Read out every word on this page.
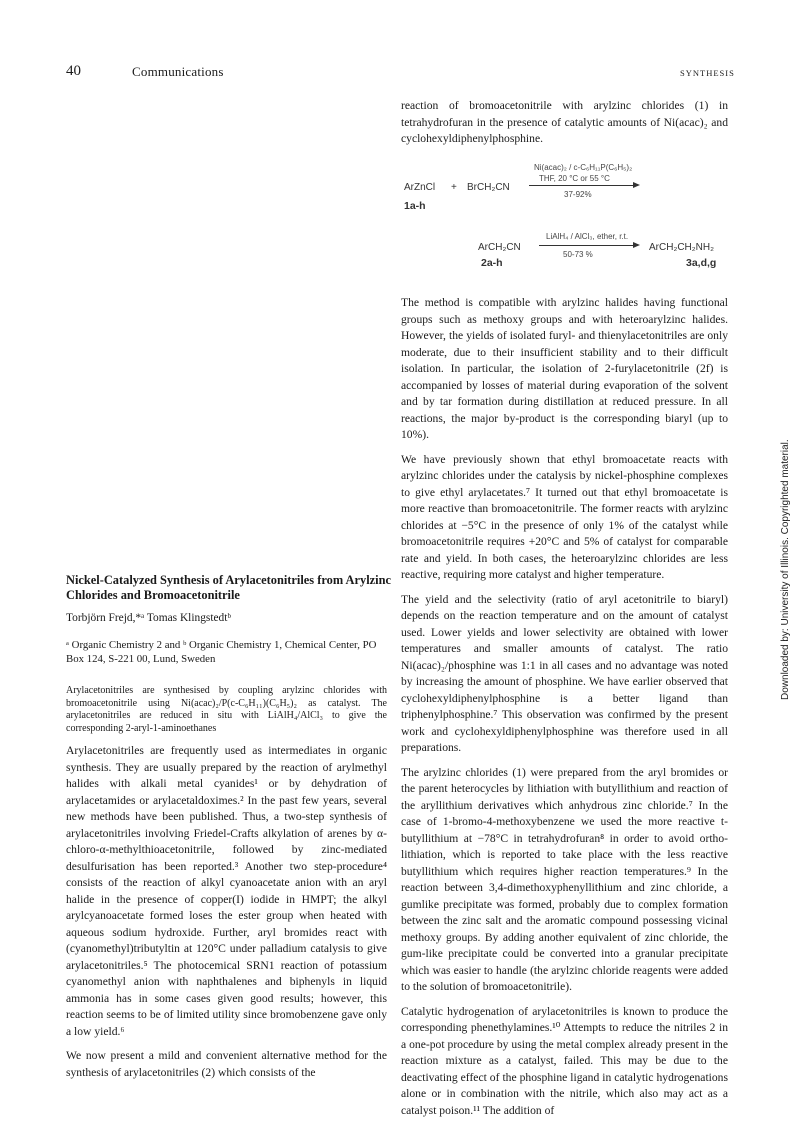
40	Communications	SYNTHESIS
reaction of bromoacetonitrile with arylzinc chlorides (1) in tetrahydrofuran in the presence of catalytic amounts of Ni(acac)₂ and cyclohexyldiphenylphosphine.
ArZnCl + BrCH₂CN
1a-h
Ni(acac)₂ / c-C₆H₁₁P(C₆H₅)₂
THF, 20 °C or 55 °C
37-92%
ArCH₂CN
2a-h
LiAlH₄ / AlCl₃, ether, r.t.
50-73 %
ArCH₂CH₂NH₂
3a,d,g

The method is compatible with arylzinc halides having functional groups such as methoxy groups and with heteroarylzinc halides. However, the yields of isolated furyl- and thienylacetonitriles are only moderate, due to their insufficient stability and to their difficult isolation. In particular, the isolation of 2-furylacetonitrile (2f) is accompanied by losses of material during evaporation of the solvent and by tar formation during distillation at reduced pressure. In all reactions, the major by-product is the corresponding biaryl (up to 10%).

We have previously shown that ethyl bromoacetate reacts with arylzinc chlorides under the catalysis by nickel-phosphine complexes to give ethyl arylacetates.⁷ It turned out that ethyl bromoacetate is more reactive than bromoacetonitrile. The former reacts with arylzinc chlorides at −5°C in the presence of only 1% of the catalyst while bromoacetonitrile requires +20°C and 5% of catalyst for comparable rate and yield. In both cases, the heteroarylzinc chlorides are less reactive, requiring more catalyst and higher temperature.

The yield and the selectivity (ratio of aryl acetonitrile to biaryl) depends on the reaction temperature and on the amount of catalyst used. Lower yields and lower selectivity are obtained with lower temperatures and smaller amounts of catalyst. The ratio Ni(acac)₂/phosphine was 1:1 in all cases and no advantage was noted by increasing the amount of phosphine. We have earlier observed that cyclohexyldiphenylphosphine is a better ligand than triphenylphosphine.⁷ This observation was confirmed by the present work and cyclohexyldiphenylphosphine was therefore used in all preparations.

The arylzinc chlorides (1) were prepared from the aryl bromides or the parent heterocycles by lithiation with butyllithium and reaction of the aryllithium derivatives which anhydrous zinc chloride.⁷ In the case of 1-bromo-4-methoxybenzene we used the more reactive t-butyllithium at −78°C in tetrahydrofuran⁸ in order to avoid ortho-lithiation, which is reported to take place with the less reactive butyllithium which requires higher reaction temperatures.⁹ In the reaction between 3,4-dimethoxyphenyllithium and zinc chloride, a gumlike precipitate was formed, probably due to complex formation between the zinc salt and the aromatic compound possessing vicinal methoxy groups. By adding another equivalent of zinc chloride, the gum-like precipitate could be converted into a granular precipitate which was easier to handle (the arylzinc chloride reagents were added to the solution of bromoacetonitrile).

Catalytic hydrogenation of arylacetonitriles is known to produce the corresponding phenethylamines.¹⁰ Attempts to reduce the nitriles 2 in a one-pot procedure by using the metal complex already present in the reaction mixture as a catalyst, failed. This may be due to the deactivating effect of the phosphine ligand in catalytic hydrogenations alone or in combination with the nitrile, which also may act as a catalyst poison.¹¹ The addition of

Nickel-Catalyzed Synthesis of Arylacetonitriles from Arylzinc Chlorides and Bromoacetonitrile
Torbjörn Frejd,*ᵃ Tomas Klingstedtᵇ
ᵃ Organic Chemistry 2 and ᵇ Organic Chemistry 1, Chemical Center, PO Box 124, S-221 00, Lund, Sweden
Arylacetonitriles are synthesised by coupling arylzinc chlorides with bromoacetonitrile using Ni(acac)₂/P(c-C₆H₁₁)(C₆H₅)₂ as catalyst. The arylacetonitriles are reduced in situ with LiAlH₄/AlCl₃ to give the corresponding 2-aryl-1-aminoethanes

Arylacetonitriles are frequently used as intermediates in organic synthesis. They are usually prepared by the reaction of arylmethyl halides with alkali metal cyanides¹ or by dehydration of arylacetamides or arylacetaldoximes.² In the past few years, several new methods have been published. Thus, a two-step synthesis of arylacetonitriles involving Friedel-Crafts alkylation of arenes by α-chloro-α-methylthioacetonitrile, followed by zinc-mediated desulfurisation has been reported.³ Another two step-procedure⁴ consists of the reaction of alkyl cyanoacetate anion with an aryl halide in the presence of copper(I) iodide in HMPT; the alkyl arylcyanoacetate formed loses the ester group when heated with aqueous sodium hydroxide. Further, aryl bromides react with (cyanomethyl)tributyltin at 120°C under palladium catalysis to give arylacetonitriles.⁵ The photocemical SRN1 reaction of potassium cyanomethyl anion with naphthalenes and biphenyls in liquid ammonia has in some cases given good results; however, this reaction seems to be of limited utility since bromobenzene gave only a low yield.⁶

We now present a mild and convenient alternative method for the synthesis of arylacetonitriles (2) which consists of the

Downloaded by: University of Illinois. Copyrighted material.
